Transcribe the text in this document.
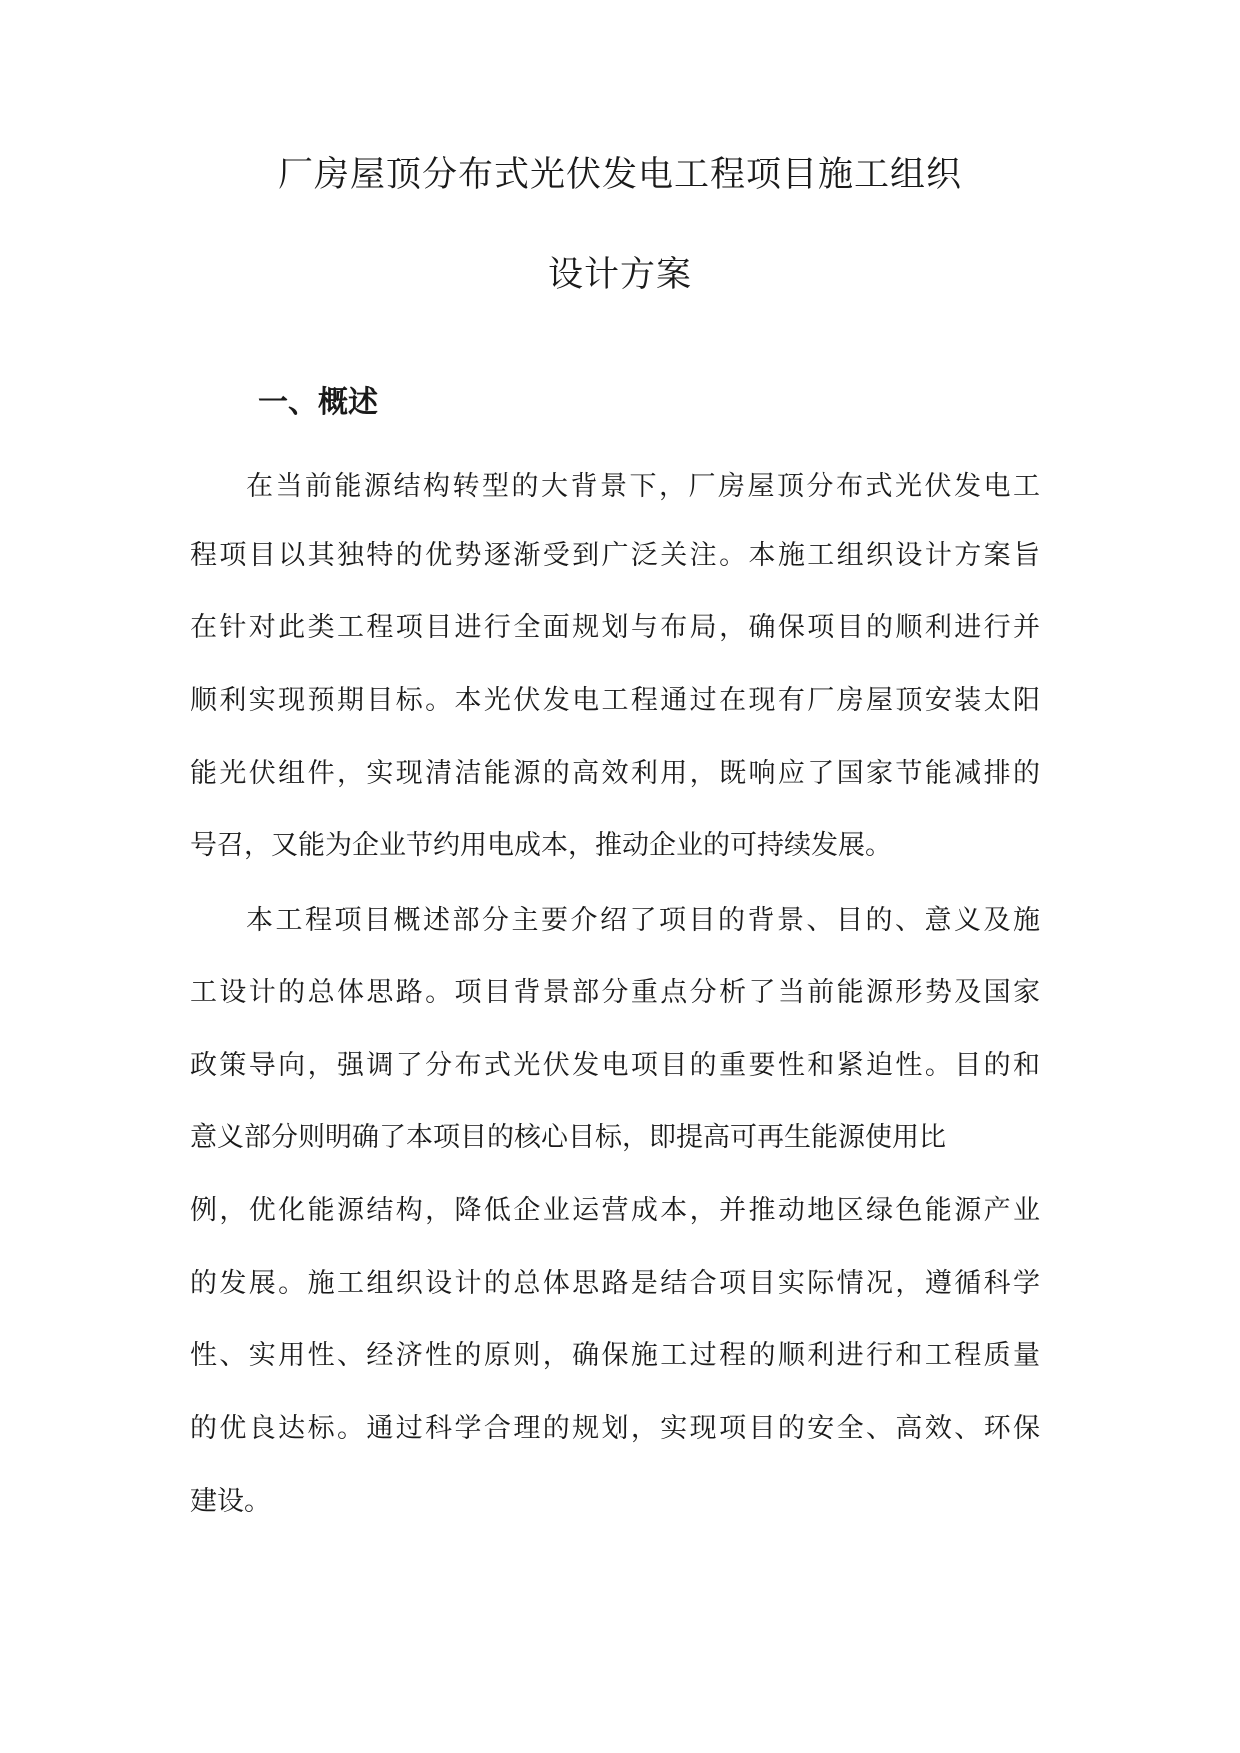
厂房屋顶分布式光伏发电工程项目施工组织
设计方案
一、概述

在当前能源结构转型的大背景下，厂房屋顶分布式光伏发电工

程项目以其独特的优势逐渐受到广泛关注。本施工组织设计方案旨

在针对此类工程项目进行全面规划与布局，确保项目的顺利进行并

顺利实现预期目标。本光伏发电工程通过在现有厂房屋顶安装太阳

能光伏组件，实现清洁能源的高效利用，既响应了国家节能减排的

号召，又能为企业节约用电成本，推动企业的可持续发展。

本工程项目概述部分主要介绍了项目的背景、目的、意义及施

工设计的总体思路。项目背景部分重点分析了当前能源形势及国家

政策导向，强调了分布式光伏发电项目的重要性和紧迫性。目的和

意义部分则明确了本项目的核心目标，即提高可再生能源使用比

例，优化能源结构，降低企业运营成本，并推动地区绿色能源产业

的发展。施工组织设计的总体思路是结合项目实际情况，遵循科学

性、实用性、经济性的原则，确保施工过程的顺利进行和工程质量

的优良达标。通过科学合理的规划，实现项目的安全、高效、环保

建设。
